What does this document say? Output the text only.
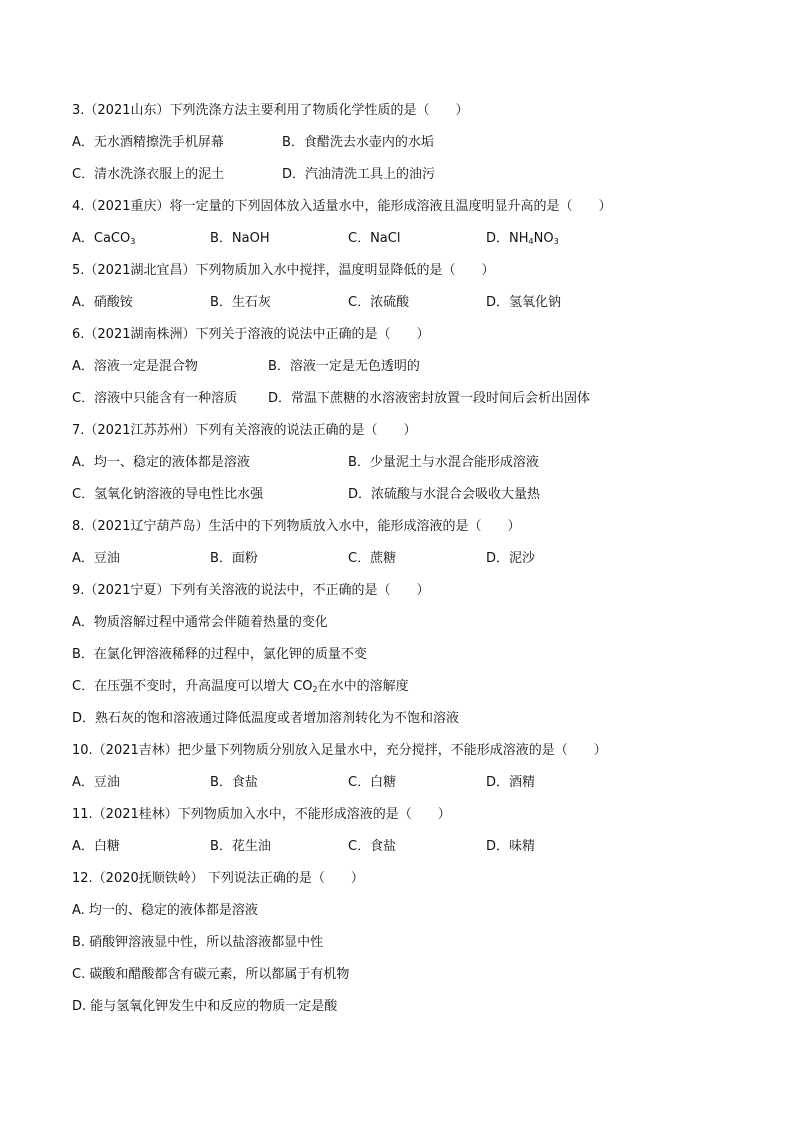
3.（2021山东）下列洗涤方法主要利用了物质化学性质的是（　　）
A．无水酒精擦洗手机屏幕	B．食醋洗去水壶内的水垢
C．清水洗涤衣服上的泥土	D．汽油清洗工具上的油污
4.（2021重庆）将一定量的下列固体放入适量水中，能形成溶液且温度明显升高的是（　　）
A．CaCO$_3$	B．NaOH	C．NaCl	D．$NH_4NO_3$
5.（2021湖北宜昌）下列物质加入水中搅拌，温度明显降低的是（　　）
A．硝酸铵	B．生石灰	C．浓硫酸	D．氢氧化钠
6.（2021湖南株洲）下列关于溶液的说法中正确的是（　　）
A．溶液一定是混合物	B．溶液一定是无色透明的
C．溶液中只能含有一种溶质 D．常温下蔗糖的水溶液密封放置一段时间后会析出固体
7.（2021江苏苏州）下列有关溶液的说法正确的是（　　）
A．均一、稳定的液体都是溶液	B．少量泥土与水混合能形成溶液
C．氢氧化钠溶液的导电性比水强	D．浓硫酸与水混合会吸收大量热
8.（2021辽宁葫芦岛）生活中的下列物质放入水中，能形成溶液的是（　　）
A．豆油	B．面粉	C．蔗糖	D．泥沙
9.（2021宁夏）下列有关溶液的说法中，不正确的是（　　）
A．物质溶解过程中通常会伴随着热量的变化
B．在氯化钾溶液稀释的过程中，氯化钾的质量不变
C．在压强不变时，升高温度可以增大 $CO_2$在水中的溶解度
D．熟石灰的饱和溶液通过降低温度或者增加溶剂转化为不饱和溶液
10.（2021吉林）把少量下列物质分别放入足量水中，充分搅拌，不能形成溶液的是（　　）
A．豆油	B．食盐	C．白糖	D．酒精
11.（2021桂林）下列物质加入水中，不能形成溶液的是（　　）
A．白糖	B．花生油	C．食盐	D．味精
12.（2020抚顺铁岭） 下列说法正确的是（　　）
A. 均一的、稳定的液体都是溶液
B. 硝酸钾溶液显中性，所以盐溶液都显中性
C. 碳酸和醋酸都含有碳元素，所以都属于有机物
D. 能与氢氧化钾发生中和反应的物质一定是酸
